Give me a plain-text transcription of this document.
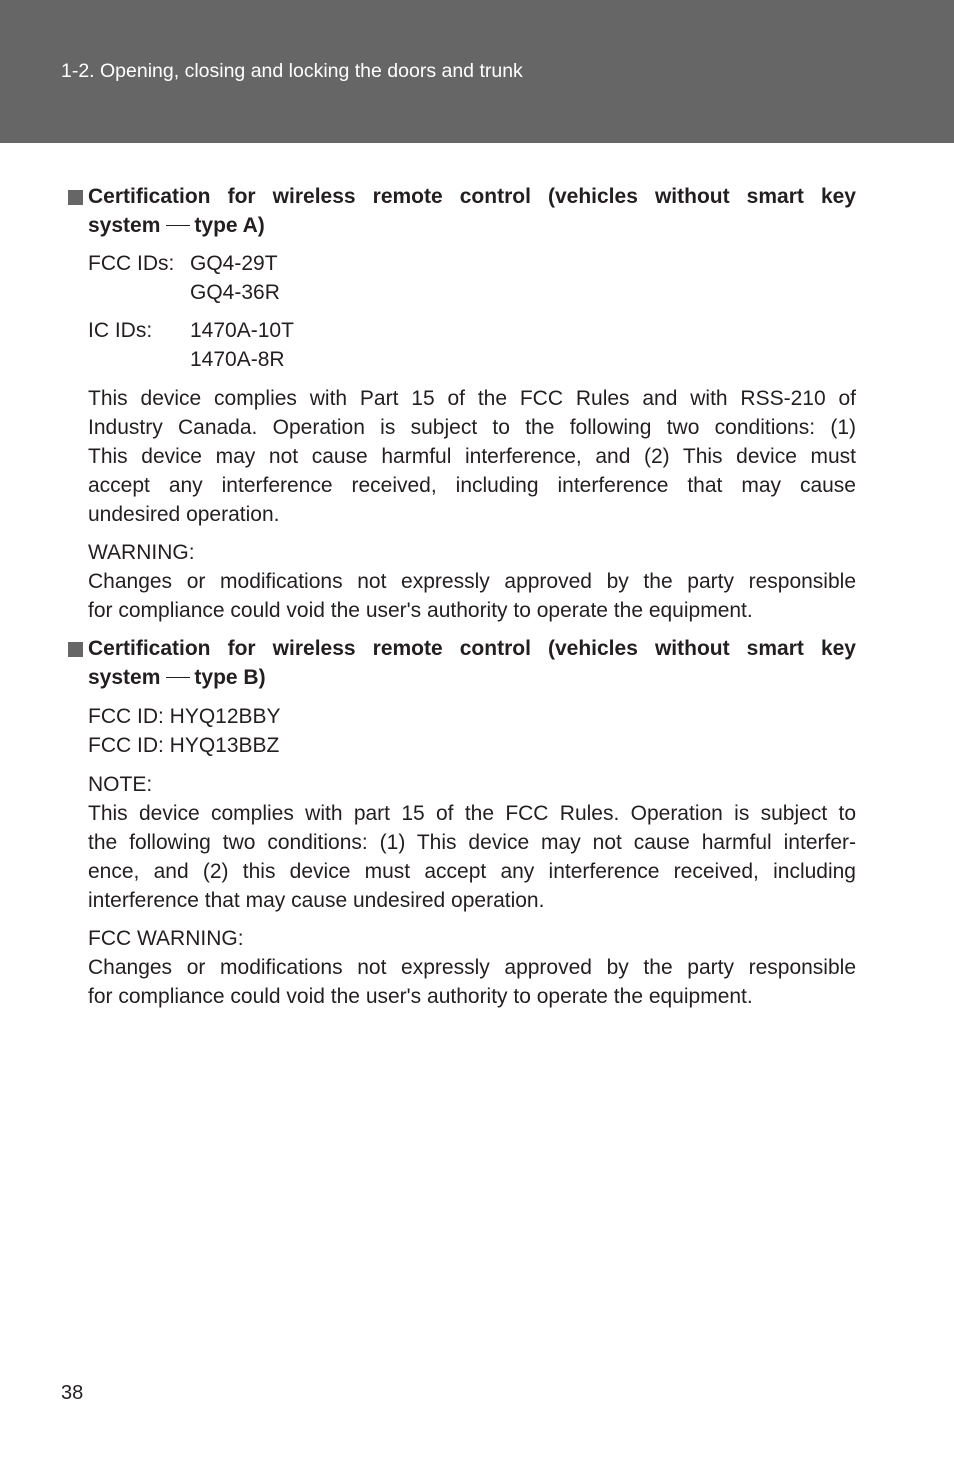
1-2. Opening, closing and locking the doors and trunk
Certification for wireless remote control (vehicles without smart key
system type A)
FCC IDs: GQ4-29T
GQ4-36R
IC IDs: 1470A-10T
1470A-8R
This device complies with Part 15 of the FCC Rules and with RSS-210 of
Industry Canada. Operation is subject to the following two conditions: (1)
This device may not cause harmful interference, and (2) This device must
accept any interference received, including interference that may cause
undesired operation.
WARNING:
Changes or modifications not expressly approved by the party responsible
for compliance could void the user's authority to operate the equipment.
Certification for wireless remote control (vehicles without smart key
system type B)
FCC ID: HYQ12BBY
FCC ID: HYQ13BBZ
NOTE:
This device complies with part 15 of the FCC Rules. Operation is subject to
the following two conditions: (1) This device may not cause harmful interfer-
ence, and (2) this device must accept any interference received, including
interference that may cause undesired operation.
FCC WARNING:
Changes or modifications not expressly approved by the party responsible
for compliance could void the user's authority to operate the equipment.
38
